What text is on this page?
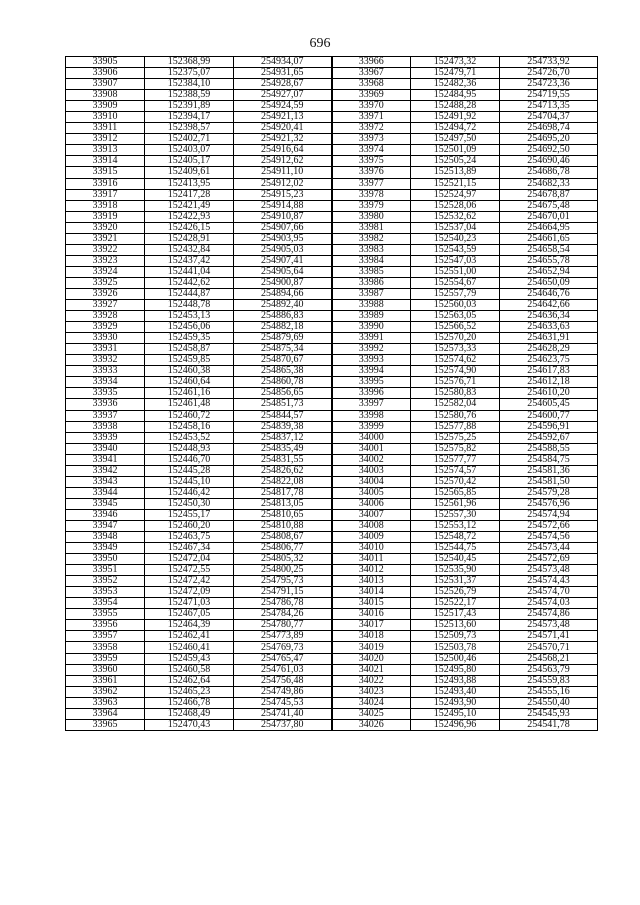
696
33905	152368,99	254934,07	33966	152473,32	254733,92
33906	152375,07	254931,65	33967	152479,71	254726,70
33907	152384,10	254928,67	33968	152482,36	254723,36
33908	152388,59	254927,07	33969	152484,95	254719,55
33909	152391,89	254924,59	33970	152488,28	254713,35
33910	152394,17	254921,13	33971	152491,92	254704,37
33911	152398,57	254920,41	33972	152494,72	254698,74
33912	152402,71	254921,32	33973	152497,50	254695,20
33913	152403,07	254916,64	33974	152501,09	254692,50
33914	152405,17	254912,62	33975	152505,24	254690,46
33915	152409,61	254911,10	33976	152513,89	254686,78
33916	152413,95	254912,02	33977	152521,15	254682,33
33917	152417,28	254915,23	33978	152524,97	254678,87
33918	152421,49	254914,88	33979	152528,06	254675,48
33919	152422,93	254910,87	33980	152532,62	254670,01
33920	152426,15	254907,66	33981	152537,04	254664,95
33921	152428,91	254903,95	33982	152540,23	254661,65
33922	152432,84	254905,03	33983	152543,59	254658,54
33923	152437,42	254907,41	33984	152547,03	254655,78
33924	152441,04	254905,64	33985	152551,00	254652,94
33925	152442,62	254900,87	33986	152554,67	254650,09
33926	152444,87	254894,66	33987	152557,79	254646,76
33927	152448,78	254892,40	33988	152560,03	254642,66
33928	152453,13	254886,83	33989	152563,05	254636,34
33929	152456,06	254882,18	33990	152566,52	254633,63
33930	152459,35	254879,69	33991	152570,20	254631,91
33931	152458,87	254875,34	33992	152573,33	254628,29
33932	152459,85	254870,67	33993	152574,62	254623,75
33933	152460,38	254865,38	33994	152574,90	254617,83
33934	152460,64	254860,78	33995	152576,71	254612,18
33935	152461,16	254856,65	33996	152580,83	254610,20
33936	152461,48	254851,73	33997	152582,04	254605,45
33937	152460,72	254844,57	33998	152580,76	254600,77
33938	152458,16	254839,38	33999	152577,88	254596,91
33939	152453,52	254837,12	34000	152575,25	254592,67
33940	152448,93	254835,49	34001	152575,82	254588,55
33941	152446,70	254831,55	34002	152577,77	254584,75
33942	152445,28	254826,62	34003	152574,57	254581,36
33943	152445,10	254822,08	34004	152570,42	254581,50
33944	152446,42	254817,78	34005	152565,85	254579,28
33945	152450,30	254813,05	34006	152561,96	254576,96
33946	152455,17	254810,65	34007	152557,30	254574,94
33947	152460,20	254810,88	34008	152553,12	254572,66
33948	152463,75	254808,67	34009	152548,72	254574,56
33949	152467,34	254806,77	34010	152544,75	254573,44
33950	152472,04	254805,32	34011	152540,45	254572,69
33951	152472,55	254800,25	34012	152535,90	254573,48
33952	152472,42	254795,73	34013	152531,37	254574,43
33953	152472,09	254791,15	34014	152526,79	254574,70
33954	152471,03	254786,78	34015	152522,17	254574,03
33955	152467,05	254784,26	34016	152517,43	254574,86
33956	152464,39	254780,77	34017	152513,60	254573,48
33957	152462,41	254773,89	34018	152509,73	254571,41
33958	152460,41	254769,73	34019	152503,78	254570,71
33959	152459,43	254765,47	34020	152500,46	254568,21
33960	152460,58	254761,03	34021	152495,80	254563,79
33961	152462,64	254756,48	34022	152493,88	254559,83
33962	152465,23	254749,86	34023	152493,40	254555,16
33963	152466,78	254745,53	34024	152493,90	254550,40
33964	152468,49	254741,40	34025	152495,10	254545,93
33965	152470,43	254737,80	34026	152496,96	254541,78
